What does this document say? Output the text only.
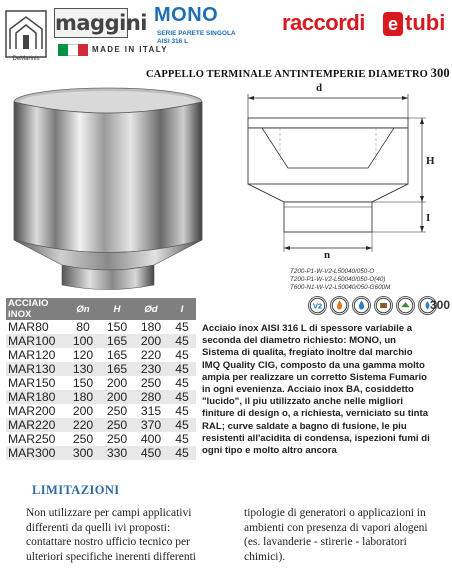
DeMarinis
maggini
MADE IN ITALY
MONO
SERIE PARETE SINGOLA
AISI 316 L
raccordi e tubi
CAPPELLO TERMINALE ANTINTEMPERIE DIAMETRO 300
d
H
I
n
T200-P1-W-V2-L50040/050-O
T200-P1-W-V2-L50040/050-O(40)
T600-N1-W-V2-L50040/050-G600M
V2	300
ACCIAIO INOX	Øn	H	Ød	I
MAR80	80	150	180	45
MAR100	100	165	200	45
MAR120	120	165	220	45
MAR130	130	165	230	45
MAR150	150	200	250	45
MAR180	180	200	280	45
MAR200	200	250	315	45
MAR220	220	250	370	45
MAR250	250	250	400	45
MAR300	300	330	450	45
Acciaio inox AISI 316 L di spessore variabile a
seconda del diametro richiesto: MONO, un
Sistema di qualita, fregiato inoltre dal marchio
IMQ Quality CIG, composto da una gamma molto
ampia per realizzare un corretto Sistema Fumario
in ogni evenienza. Acciaio inox BA, cosiddetto
"lucido", il piu utilizzato anche nelle migliori
finiture di design o, a richiesta, verniciato su tinta
RAL; curve saldate a bagno di fusione, le piu
resistenti all'acidita di condensa, ispezioni fumi di
ogni tipo e molto altro ancora
LIMITAZIONI
Non utilizzare per campi applicativi
differenti da quelli ivi proposti:
contattare nostro ufficio tecnico per
ulteriori specifiche inerenti differenti
tipologie di generatori o applicazioni in
ambienti con presenza di vapori alogeni
(es. lavanderie - stirerie - laboratori
chimici).
